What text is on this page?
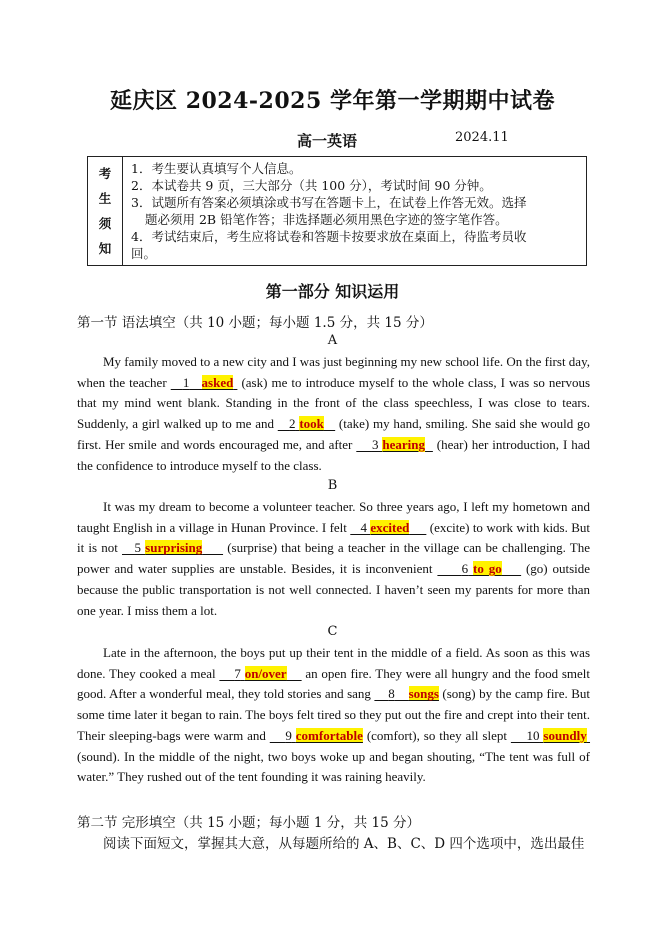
延庆区 2024-2025 学年第一学期期中试卷
高一英语	2024.11
考
生
须
知

1．考生要认真填写个人信息。
2．本试卷共 9 页，三大部分（共 100 分），考试时间 90 分钟。
3．试题所有答案必须填涂或书写在答题卡上，在试卷上作答无效。选择
题必须用 2B 铅笔作答；非选择题必须用黑色字迹的签字笔作答。
4．考试结束后，考生应将试卷和答题卡按要求放在桌面上，待监考员收
回。
第一部分 知识运用
第一节 语法填空（共 10 小题；每小题 1.5 分，共 15 分）
A
My family moved to a new city and I was just beginning my new school life. On the first day, when the teacher    1 asked  (ask) me to introduce myself to the whole class, I was so nervous that my mind went blank. Standing in the front of the class speechless, I was close to tears. Suddenly, a girl walked up to me and    2 took    (take) my hand, smiling. She said she would go first. Her smile and words encouraged me, and after     3 hearing   (hear) her introduction, I had the confidence to introduce myself to the class.
B
It was my dream to become a volunteer teacher. So three years ago, I left my hometown and taught English in a village in Hunan Province. I felt    4 excited      (excite) to work with kids. But it is not    5 surprising      (surprise) that being a teacher in the village can be challenging. The power and water supplies are unstable. Besides, it is inconvenient      6 to go     (go) outside because the public transportation is not well connected. I haven’t seen my parents for more than one year. I miss them a lot.
C
Late in the afternoon, the boys put up their tent in the middle of a field. As soon as this was done. They cooked a meal     7 on/over     an open fire. They were all hungry and the food smelt good. After a wonderful meal, they told stories and sang     8 songs (song) by the camp fire. But some time later it began to rain. The boys felt tired so they put out the fire and crept into their tent. Their sleeping-bags were warm and     9 comfortable (comfort), so they all slept     10 soundly  (sound). In the middle of the night, two boys woke up and began shouting, “The tent was full of water.” They rushed out of the tent founding it was raining heavily.
第二节 完形填空（共 15 小题；每小题 1 分，共 15 分）
阅读下面短文，掌握其大意，从每题所给的 A、B、C、D 四个选项中，选出最佳
